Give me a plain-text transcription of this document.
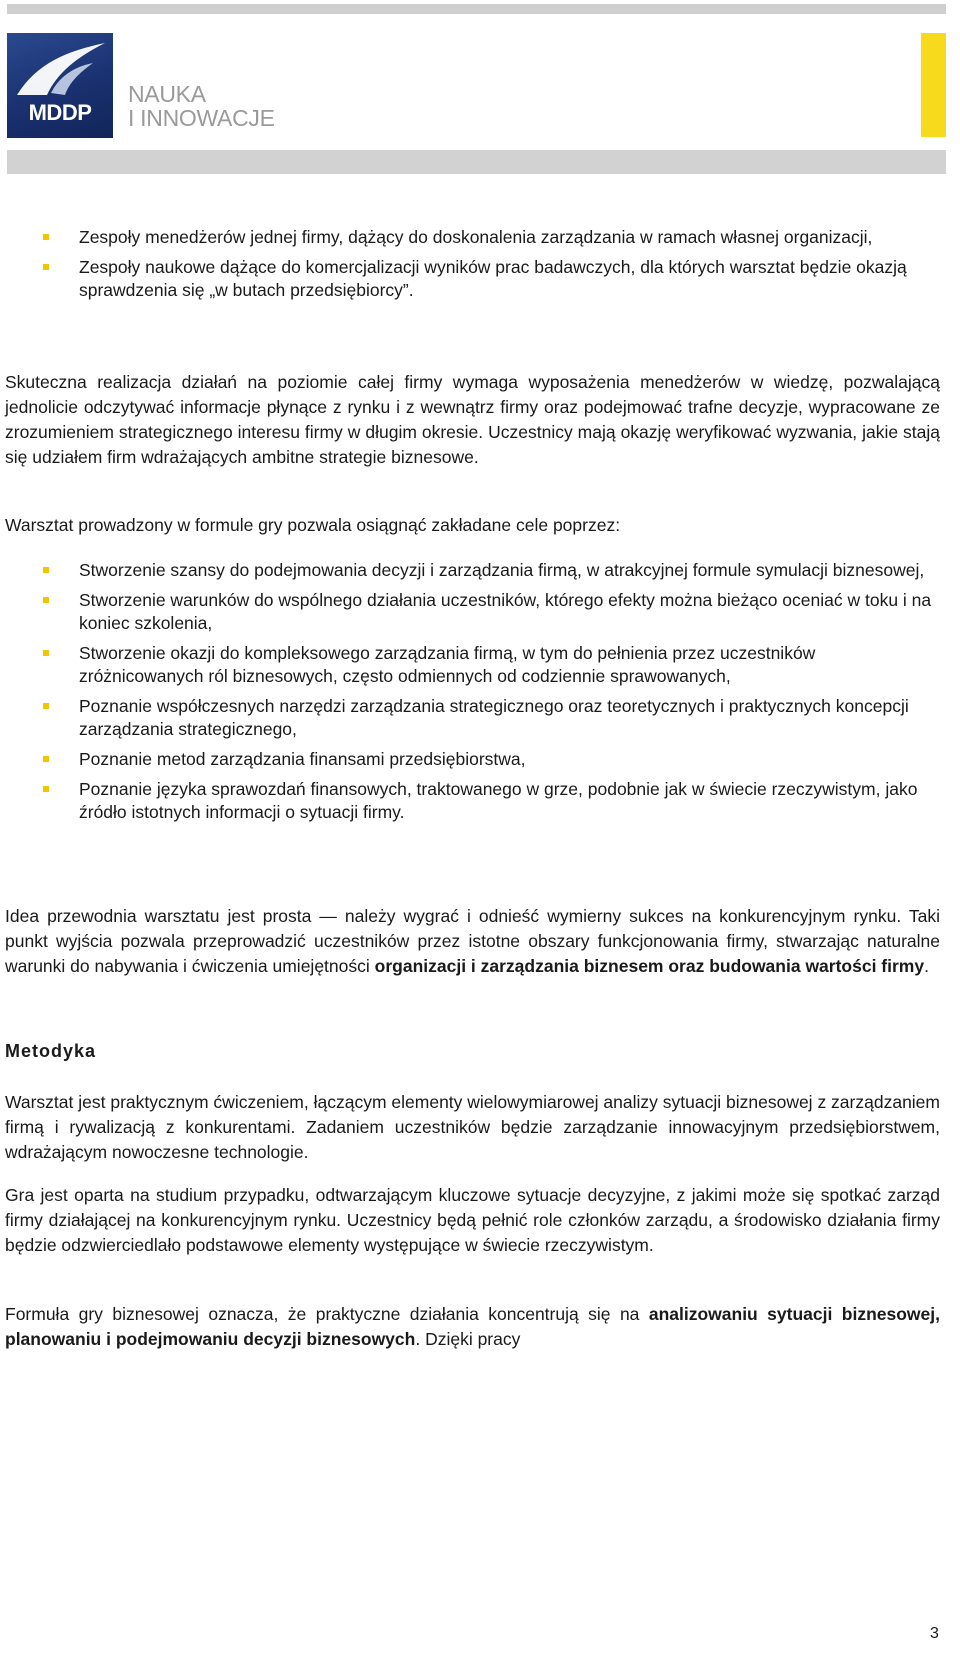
MDDP
NAUKA
I INNOWACJE
Zespoły menedżerów jednej firmy, dążący do doskonalenia zarządzania w ramach własnej organizacji,
Zespoły naukowe dążące do komercjalizacji wyników prac badawczych, dla których warsztat będzie okazją sprawdzenia się „w butach przedsiębiorcy”.

Skuteczna realizacja działań na poziomie całej firmy wymaga wyposażenia menedżerów w wiedzę, pozwalającą jednolicie odczytywać informacje płynące z rynku i z wewnątrz firmy oraz podejmować trafne decyzje, wypracowane ze zrozumieniem strategicznego interesu firmy w długim okresie. Uczestnicy mają okazję weryfikować wyzwania, jakie stają się udziałem firm wdrażających ambitne strategie biznesowe.

Warsztat prowadzony w formule gry pozwala osiągnąć zakładane cele poprzez:

Stworzenie szansy do podejmowania decyzji i zarządzania firmą, w atrakcyjnej formule symulacji biznesowej,
Stworzenie warunków do wspólnego działania uczestników, którego efekty można bieżąco oceniać w toku i na koniec szkolenia,
Stworzenie okazji do kompleksowego zarządzania firmą, w tym do pełnienia przez uczestników zróżnicowanych ról biznesowych, często odmiennych od codziennie sprawowanych,
Poznanie współczesnych narzędzi zarządzania strategicznego oraz teoretycznych i praktycznych koncepcji zarządzania strategicznego,
Poznanie metod zarządzania finansami przedsiębiorstwa,
Poznanie języka sprawozdań finansowych, traktowanego w grze, podobnie jak w świecie rzeczywistym, jako źródło istotnych informacji o sytuacji firmy.

Idea przewodnia warsztatu jest prosta — należy wygrać i odnieść wymierny sukces na konkurencyjnym rynku. Taki punkt wyjścia pozwala przeprowadzić uczestników przez istotne obszary funkcjonowania firmy, stwarzając naturalne warunki do nabywania i ćwiczenia umiejętności organizacji i zarządzania biznesem oraz budowania wartości firmy.

Metodyka

Warsztat jest praktycznym ćwiczeniem, łączącym elementy wielowymiarowej analizy sytuacji biznesowej z zarządzaniem firmą i rywalizacją z konkurentami. Zadaniem uczestników będzie zarządzanie innowacyjnym przedsiębiorstwem, wdrażającym nowoczesne technologie.

Gra jest oparta na studium przypadku, odtwarzającym kluczowe sytuacje decyzyjne, z jakimi może się spotkać zarząd firmy działającej na konkurencyjnym rynku. Uczestnicy będą pełnić role członków zarządu, a środowisko działania firmy będzie odzwierciedlało podstawowe elementy występujące w świecie rzeczywistym.

Formuła gry biznesowej oznacza, że praktyczne działania koncentrują się na analizowaniu sytuacji biznesowej, planowaniu i podejmowaniu decyzji biznesowych. Dzięki pracy

3
